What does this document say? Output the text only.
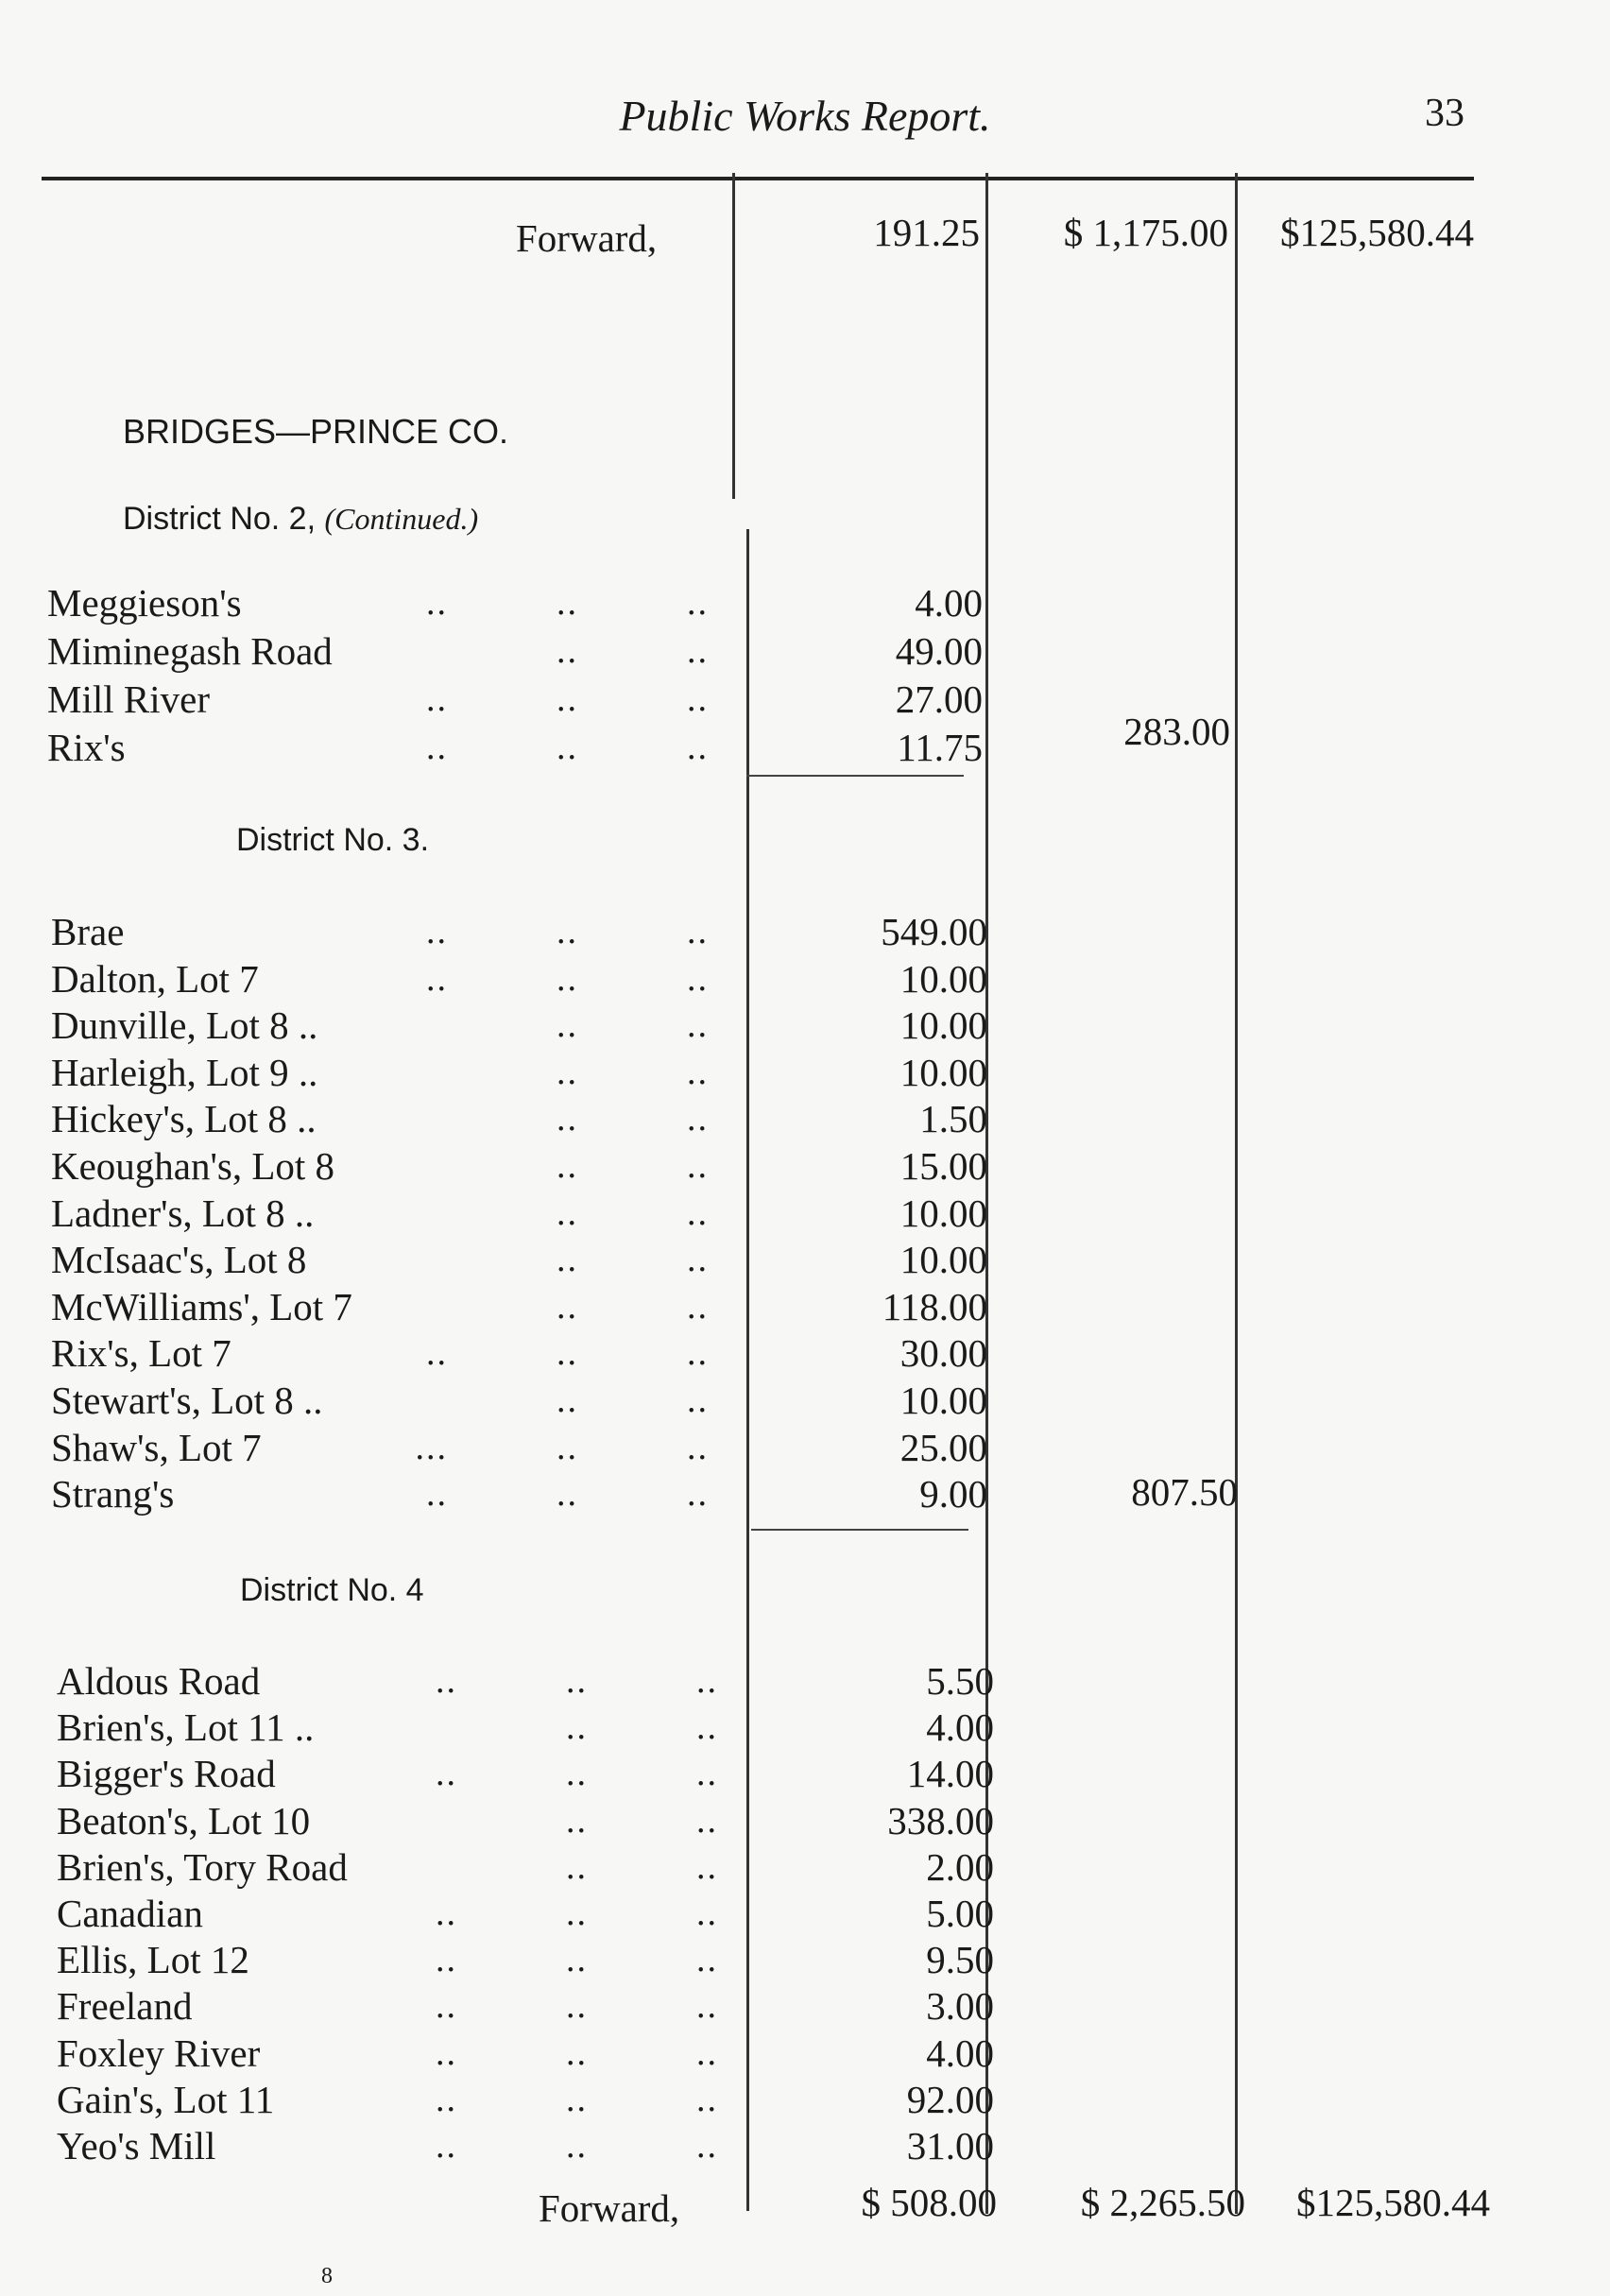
Public Works Report.	33
Forward,	191.25	$ 1,175.00	$125,580.44
BRIDGES—PRINCE CO.
District No. 2, (Continued.)
Meggieson's	..          ..          ..	4.00
Miminegash Road	..          ..	49.00
Mill River	..          ..          ..	27.00
Rix's	..          ..          ..	11.75	283.00
District No. 3.
Brae	..          ..          ..	549.00
Dalton, Lot 7	..          ..          ..	10.00
Dunville, Lot 8 ..	..          ..	10.00
Harleigh, Lot 9 ..	..          ..	10.00
Hickey's, Lot 8 ..	..          ..	1.50
Keoughan's, Lot 8	..          ..	15.00
Ladner's, Lot 8 ..	..          ..	10.00
McIsaac's, Lot 8	..          ..	10.00
McWilliams', Lot 7	..          ..	118.00
Rix's, Lot 7	..          ..          ..	30.00
Stewart's, Lot 8 ..	..          ..	10.00
Shaw's, Lot 7	...          ..          ..	25.00
Strang's	..          ..          ..	9.00	807.50
District No. 4
Aldous Road	..          ..          ..	5.50
Brien's, Lot 11 ..	..          ..	4.00
Bigger's Road	..          ..          ..	14.00
Beaton's, Lot 10	..          ..	338.00
Brien's, Tory Road	..          ..	2.00
Canadian	..          ..          ..	5.00
Ellis, Lot 12	..          ..          ..	9.50
Freeland	..          ..          ..	3.00
Foxley River	..          ..          ..	4.00
Gain's, Lot 11	..          ..          ..	92.00
Yeo's Mill	..          ..          ..	31.00
Forward,	$ 508.00	$ 2,265.50	$125,580.44
8
